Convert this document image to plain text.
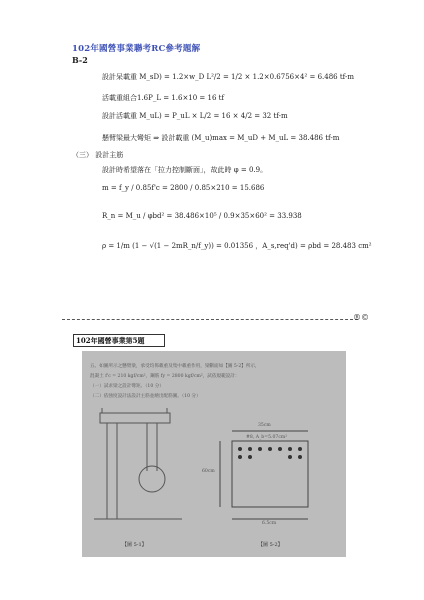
102年國營事業聯考RC參考題解
B-2
設計呆載重 M_sD) = 1.2×w_D L²/2 = 1/2 × 1.2×0.6756×4² = 6.486 tf-m
活載重組合1.6P_L = 1.6×10 = 16 tf
設計活載重 M_uL) = P_uL × L/2 = 16 × 4/2 = 32 tf-m
懸臂梁最大彎矩 ⇒ 設計載重 (M_u)max = M_uD + M_uL = 38.486 tf-m
（三） 設計主筋
設計時希望落在「拉力控制斷面」，故此時 φ = 0.9。
m = f_y / 0.85f'c = 2800 / 0.85×210 = 15.686
R_n = M_u / φbd² = 38.486×10⁵ / 0.9×35×60² = 33.938
ρ = 1/m (1 − √(1 − 2mR_n/f_y)) = 0.01356 ，A_s,req'd) = ρbd = 28.483 cm²
®©
102年國營事業第5題
五、如圖所示之懸臂梁，承受均佈載重及集中載重作用，梁斷面如【圖 5-2】所示，
混凝土 f'c = 210 kgf/cm²，鋼筋 fy = 2800 kgf/cm²，試依規範設計：
（一）試求梁之設計彎矩。（10 分）
（二）依強度設計法設計主筋並繪出配筋圖。（10 分）
35cm
#8, A_b=5.07cm²
60cm
6.5cm
【圖 5-1】	【圖 5-2】
